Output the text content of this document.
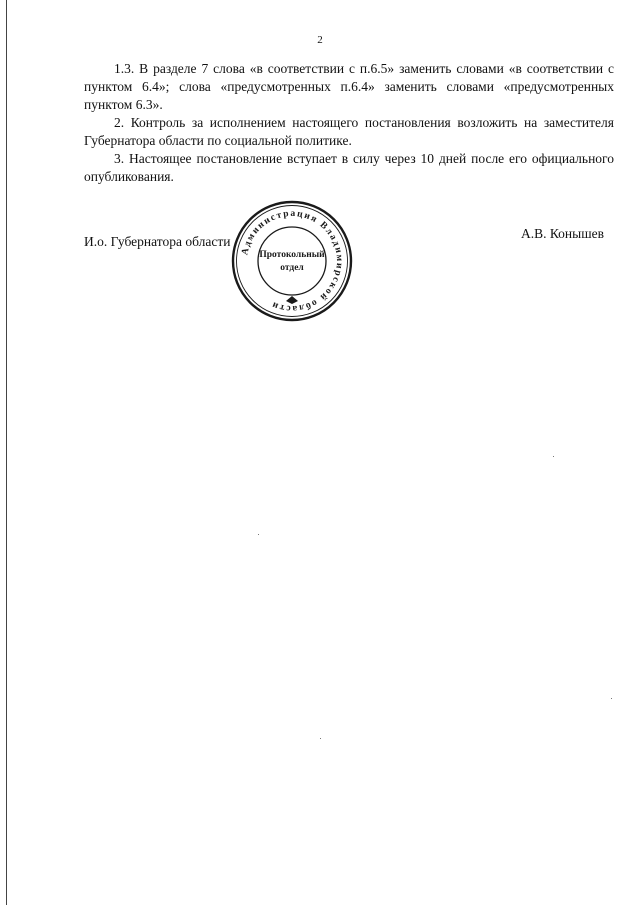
2

1.3. В разделе 7 слова «в соответствии с п.6.5» заменить словами «в соответствии с пунктом 6.4»; слова «предусмотренных п.6.4» заменить словами «предусмотренных пунктом 6.3».

2. Контроль за исполнением настоящего постановления возложить на заместителя Губернатора области по социальной политике.

3. Настоящее постановление вступает в силу через 10 дней после его официального опубликования.

И.о. Губернатора области
А.В. Конышев
Администрация Владимирской области
Протокольный
отдел
